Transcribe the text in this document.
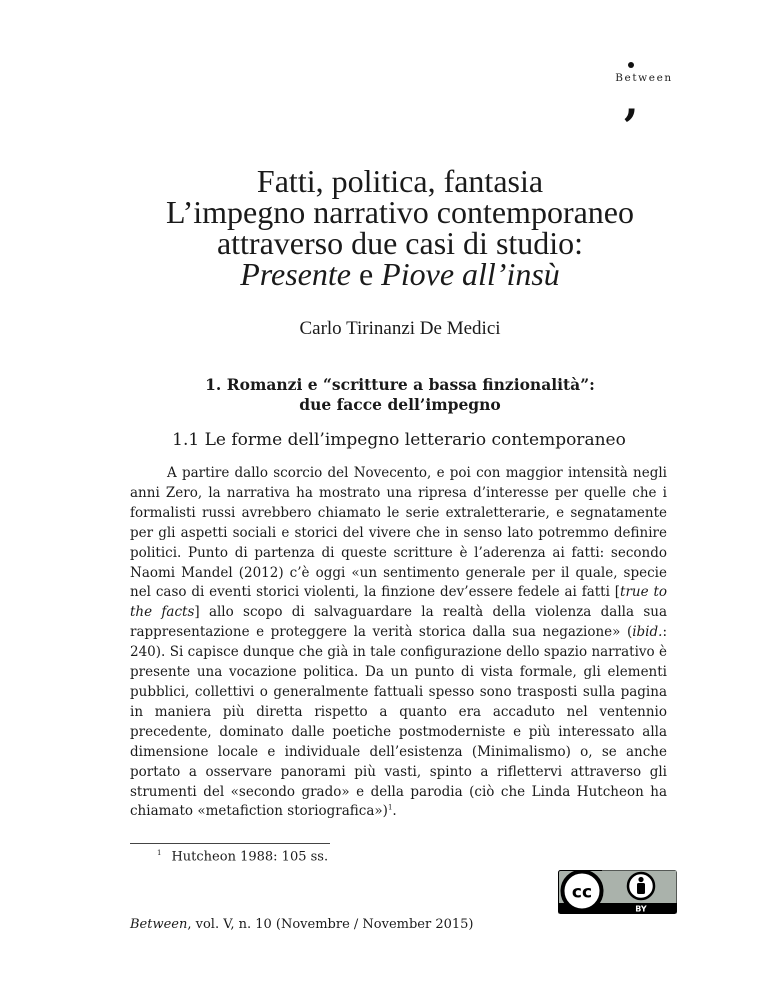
Between
,
Fatti, politica, fantasia
L’impegno narrativo contemporaneo
attraverso due casi di studio:
Presente e Piove all’insù
Carlo Tirinanzi De Medici
1. Romanzi e “scritture a bassa finzionalità”:
due facce dell’impegno
1.1 Le forme dell’impegno letterario contemporaneo
A partire dallo scorcio del Novecento, e poi con maggior intensità negli anni Zero, la narrativa ha mostrato una ripresa d’interesse per quelle che i formalisti russi avrebbero chiamato le serie extraletterarie, e segnatamente per gli aspetti sociali e storici del vivere che in senso lato potremmo definire politici. Punto di partenza di queste scritture è l’aderenza ai fatti: secondo Naomi Mandel (2012) c’è oggi «un sentimento generale per il quale, specie nel caso di eventi storici violenti, la finzione dev’essere fedele ai fatti [true to the facts] allo scopo di salvaguardare la realtà della violenza dalla sua rappresentazione e proteggere la verità storica dalla sua negazione» (ibid.: 240). Si capisce dunque che già in tale configurazione dello spazio narrativo è presente una vocazione politica. Da un punto di vista formale, gli elementi pubblici, collettivi o generalmente fattuali spesso sono trasposti sulla pagina in maniera più diretta rispetto a quanto era accaduto nel ventennio precedente, dominato dalle poetiche postmoderniste e più interessato alla dimensione locale e individuale dell’esistenza (Minimalismo) o, se anche portato a osservare panorami più vasti, spinto a riflettervi attraverso gli strumenti del «secondo grado» e della parodia (ciò che Linda Hutcheon ha chiamato «metafiction storiografica»)$^1$.
$^1$ Hutcheon 1988: 105 ss.
Between, vol. V, n. 10 (Novembre / November 2015)
cc
BY
